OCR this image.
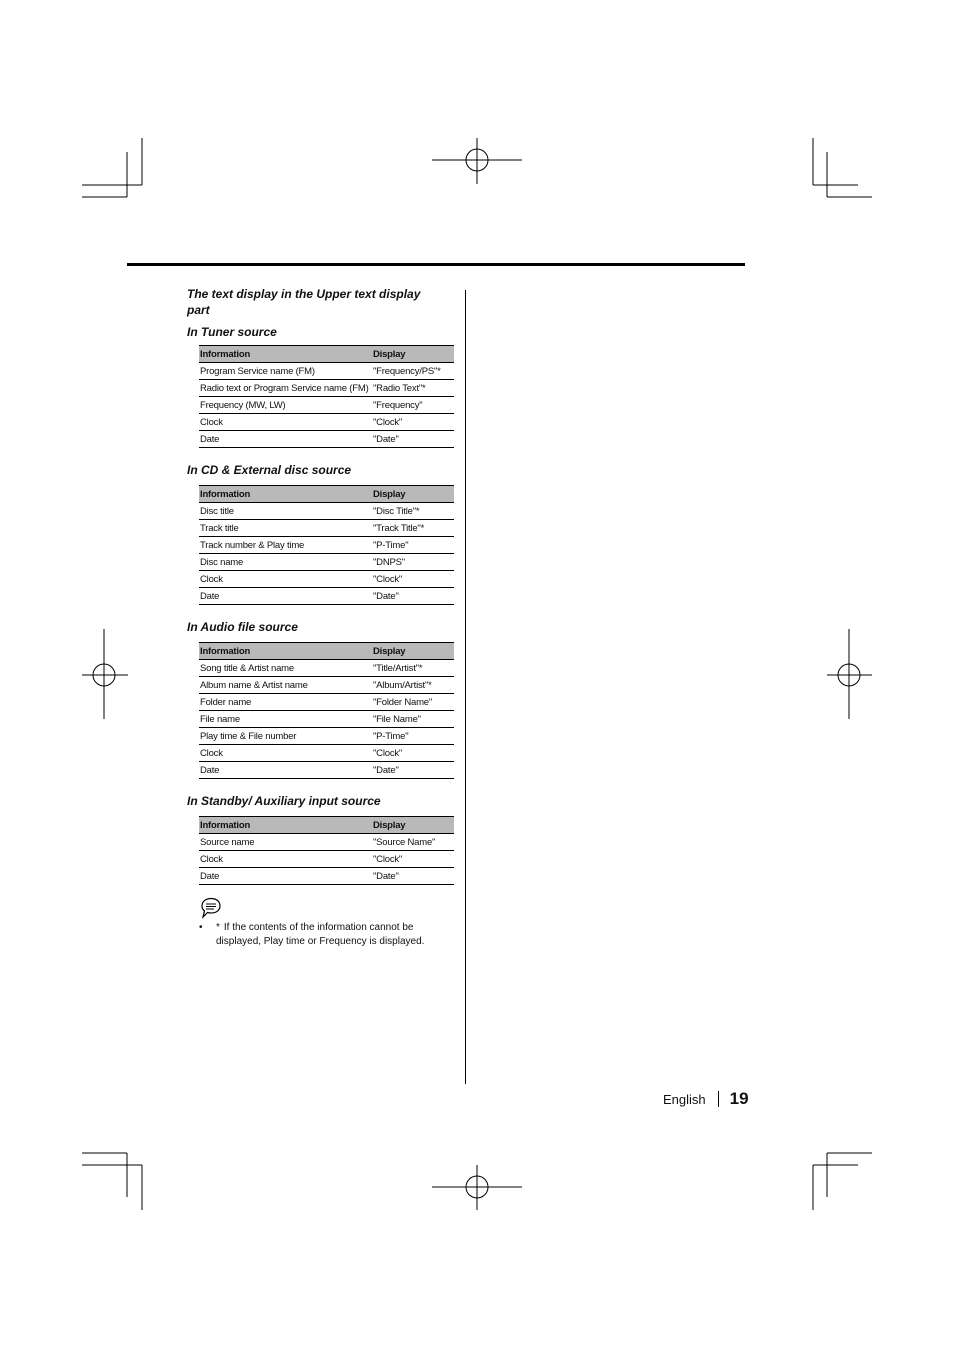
The text display in the Upper text display part
In Tuner source
Information	Display
Program Service name (FM)	"Frequency/PS"*
Radio text or Program Service name (FM)	"Radio Text"*
Frequency (MW, LW)	"Frequency"
Clock	"Clock"
Date	"Date"
In CD & External disc source
Information	Display
Disc title	"Disc Title"*
Track title	"Track Title"*
Track number & Play time	"P-Time"
Disc name	"DNPS"
Clock	"Clock"
Date	"Date"
In Audio file source
Information	Display
Song title & Artist name	"Title/Artist"*
Album name & Artist name	"Album/Artist"*
Folder name	"Folder Name"
File name	"File Name"
Play time & File number	"P-Time"
Clock	"Clock"
Date	"Date"
In Standby/ Auxiliary input source
Information	Display
Source name	"Source Name"
Clock	"Clock"
Date	"Date"

• * If the contents of the information cannot be displayed, Play time or Frequency is displayed.

English 19
